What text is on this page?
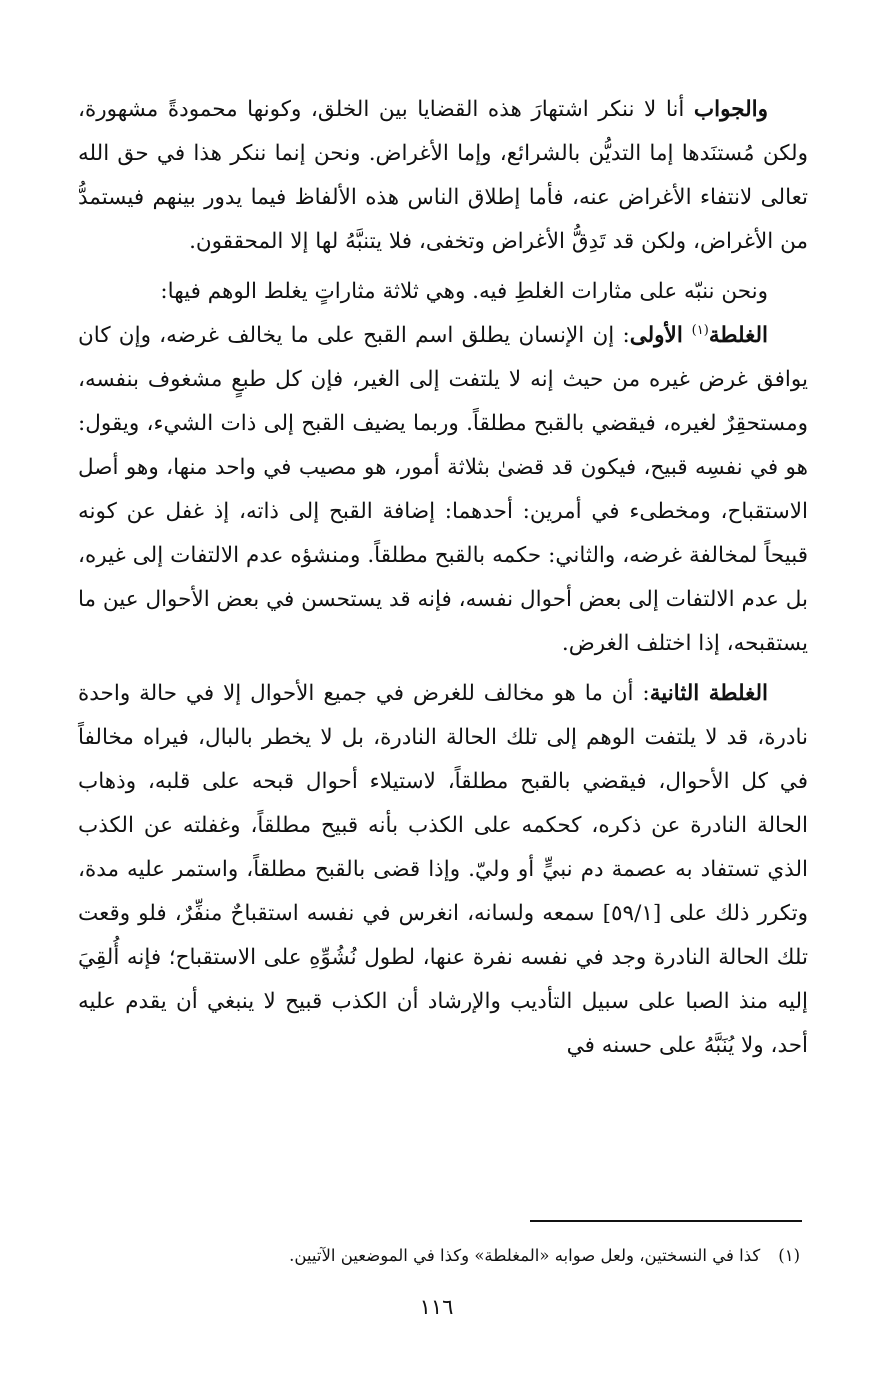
والجواب أنا لا ننكر اشتهارَ هذه القضايا بين الخلق، وكونها محمودةً مشهورة، ولكن مُستنَدها إما التديُّن بالشرائع، وإما الأغراض. ونحن إنما ننكر هذا في حق الله تعالى لانتفاء الأغراض عنه، فأما إطلاق الناس هذه الألفاظ فيما يدور بينهم فيستمدُّ من الأغراض، ولكن قد تَدِقُّ الأغراض وتخفى، فلا يتنبَّهُ لها إلا المحققون.

ونحن ننبّه على مثارات الغلطِ فيه. وهي ثلاثة مثاراتٍ يغلط الوهم فيها:

الغلطة$^{(١)}$ الأولى: إن الإنسان يطلق اسم القبح على ما يخالف غرضه، وإن كان يوافق غرض غيره من حيث إنه لا يلتفت إلى الغير، فإن كل طبعٍ مشغوف بنفسه، ومستحقِرٌ لغيره، فيقضي بالقبح مطلقاً. وربما يضيف القبح إلى ذات الشيء، ويقول: هو في نفسِه قبيح، فيكون قد قضىٰ بثلاثة أمور، هو مصيب في واحد منها، وهو أصل الاستقباح، ومخطىء في أمرين: أحدهما: إضافة القبح إلى ذاته، إذ غفل عن كونه قبيحاً لمخالفة غرضه، والثاني: حكمه بالقبح مطلقاً. ومنشؤه عدم الالتفات إلى غيره، بل عدم الالتفات إلى بعض أحوال نفسه، فإنه قد يستحسن في بعض الأحوال عين ما يستقبحه، إذا اختلف الغرض.

الغلطة الثانية: أن ما هو مخالف للغرض في جميع الأحوال إلا في حالة واحدة نادرة، قد لا يلتفت الوهم إلى تلك الحالة النادرة، بل لا يخطر بالبال، فيراه مخالفاً في كل الأحوال، فيقضي بالقبح مطلقاً، لاستيلاء أحوال قبحه على قلبه، وذهاب الحالة النادرة عن ذكره، كحكمه على الكذب بأنه قبيح مطلقاً، وغفلته عن الكذب الذي تستفاد به عصمة دم نبيٍّ أو وليّ. وإذا قضى بالقبح مطلقاً، واستمر عليه مدة، وتكرر ذلك على [٥٩/١] سمعه ولسانه، انغرس في نفسه استقباحٌ منفِّرٌ، فلو وقعت تلك الحالة النادرة وجد في نفسه نفرة عنها، لطول نُشُوِّهِ على الاستقباح؛ فإنه أُلقِيَ إليه منذ الصبا على سبيل التأديب والإرشاد أن الكذب قبيح لا ينبغي أن يقدم عليه أحد، ولا يُنَبَّهُ على حسنه في

(١)كذا في النسختين، ولعل صوابه «المغلطة» وكذا في الموضعين الآتيين.
١١٦
